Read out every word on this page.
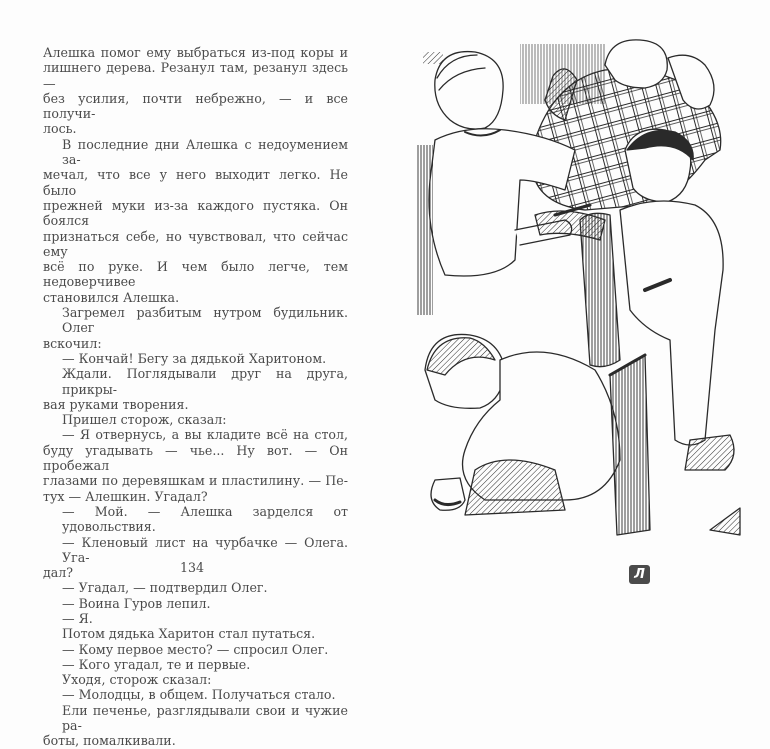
Алешка помог ему выбраться из-под коры и
лишнего дерева. Резанул там, резанул здесь —
без усилия, почти небрежно, — и все получи-
лось.
В последние дни Алешка с недоумением за-
мечал, что все у него выходит легко. Не было
прежней муки из-за каждого пустяка. Он боялся
признаться себе, но чувствовал, что сейчас ему
всё по руке. И чем было легче, тем недоверчивее
становился Алешка.
Загремел разбитым нутром будильник. Олег
вскочил:
— Кончай! Бегу за дядькой Харитоном.
Ждали. Поглядывали друг на друга, прикры-
вая руками творения.
Пришел сторож, сказал:
— Я отвернусь, а вы кладите всё на стол,
буду угадывать — чье... Ну вот. — Он пробежал
глазами по деревяшкам и пластилину. — Пе-
тух — Алешкин. Угадал?
— Мой. — Алешка зарделся от удовольствия.
— Кленовый лист на чурбачке — Олега. Уга-
дал?
— Угадал, — подтвердил Олег.
— Воина Гуров лепил.
— Я.
Потом дядька Харитон стал путаться.
— Кому первое место? — спросил Олег.
— Кого угадал, те и первые.
Уходя, сторож сказал:
— Молодцы, в общем. Получаться стало.
Ели печенье, разглядывали свои и чужие ра-
боты, помалкивали.
134	Л
